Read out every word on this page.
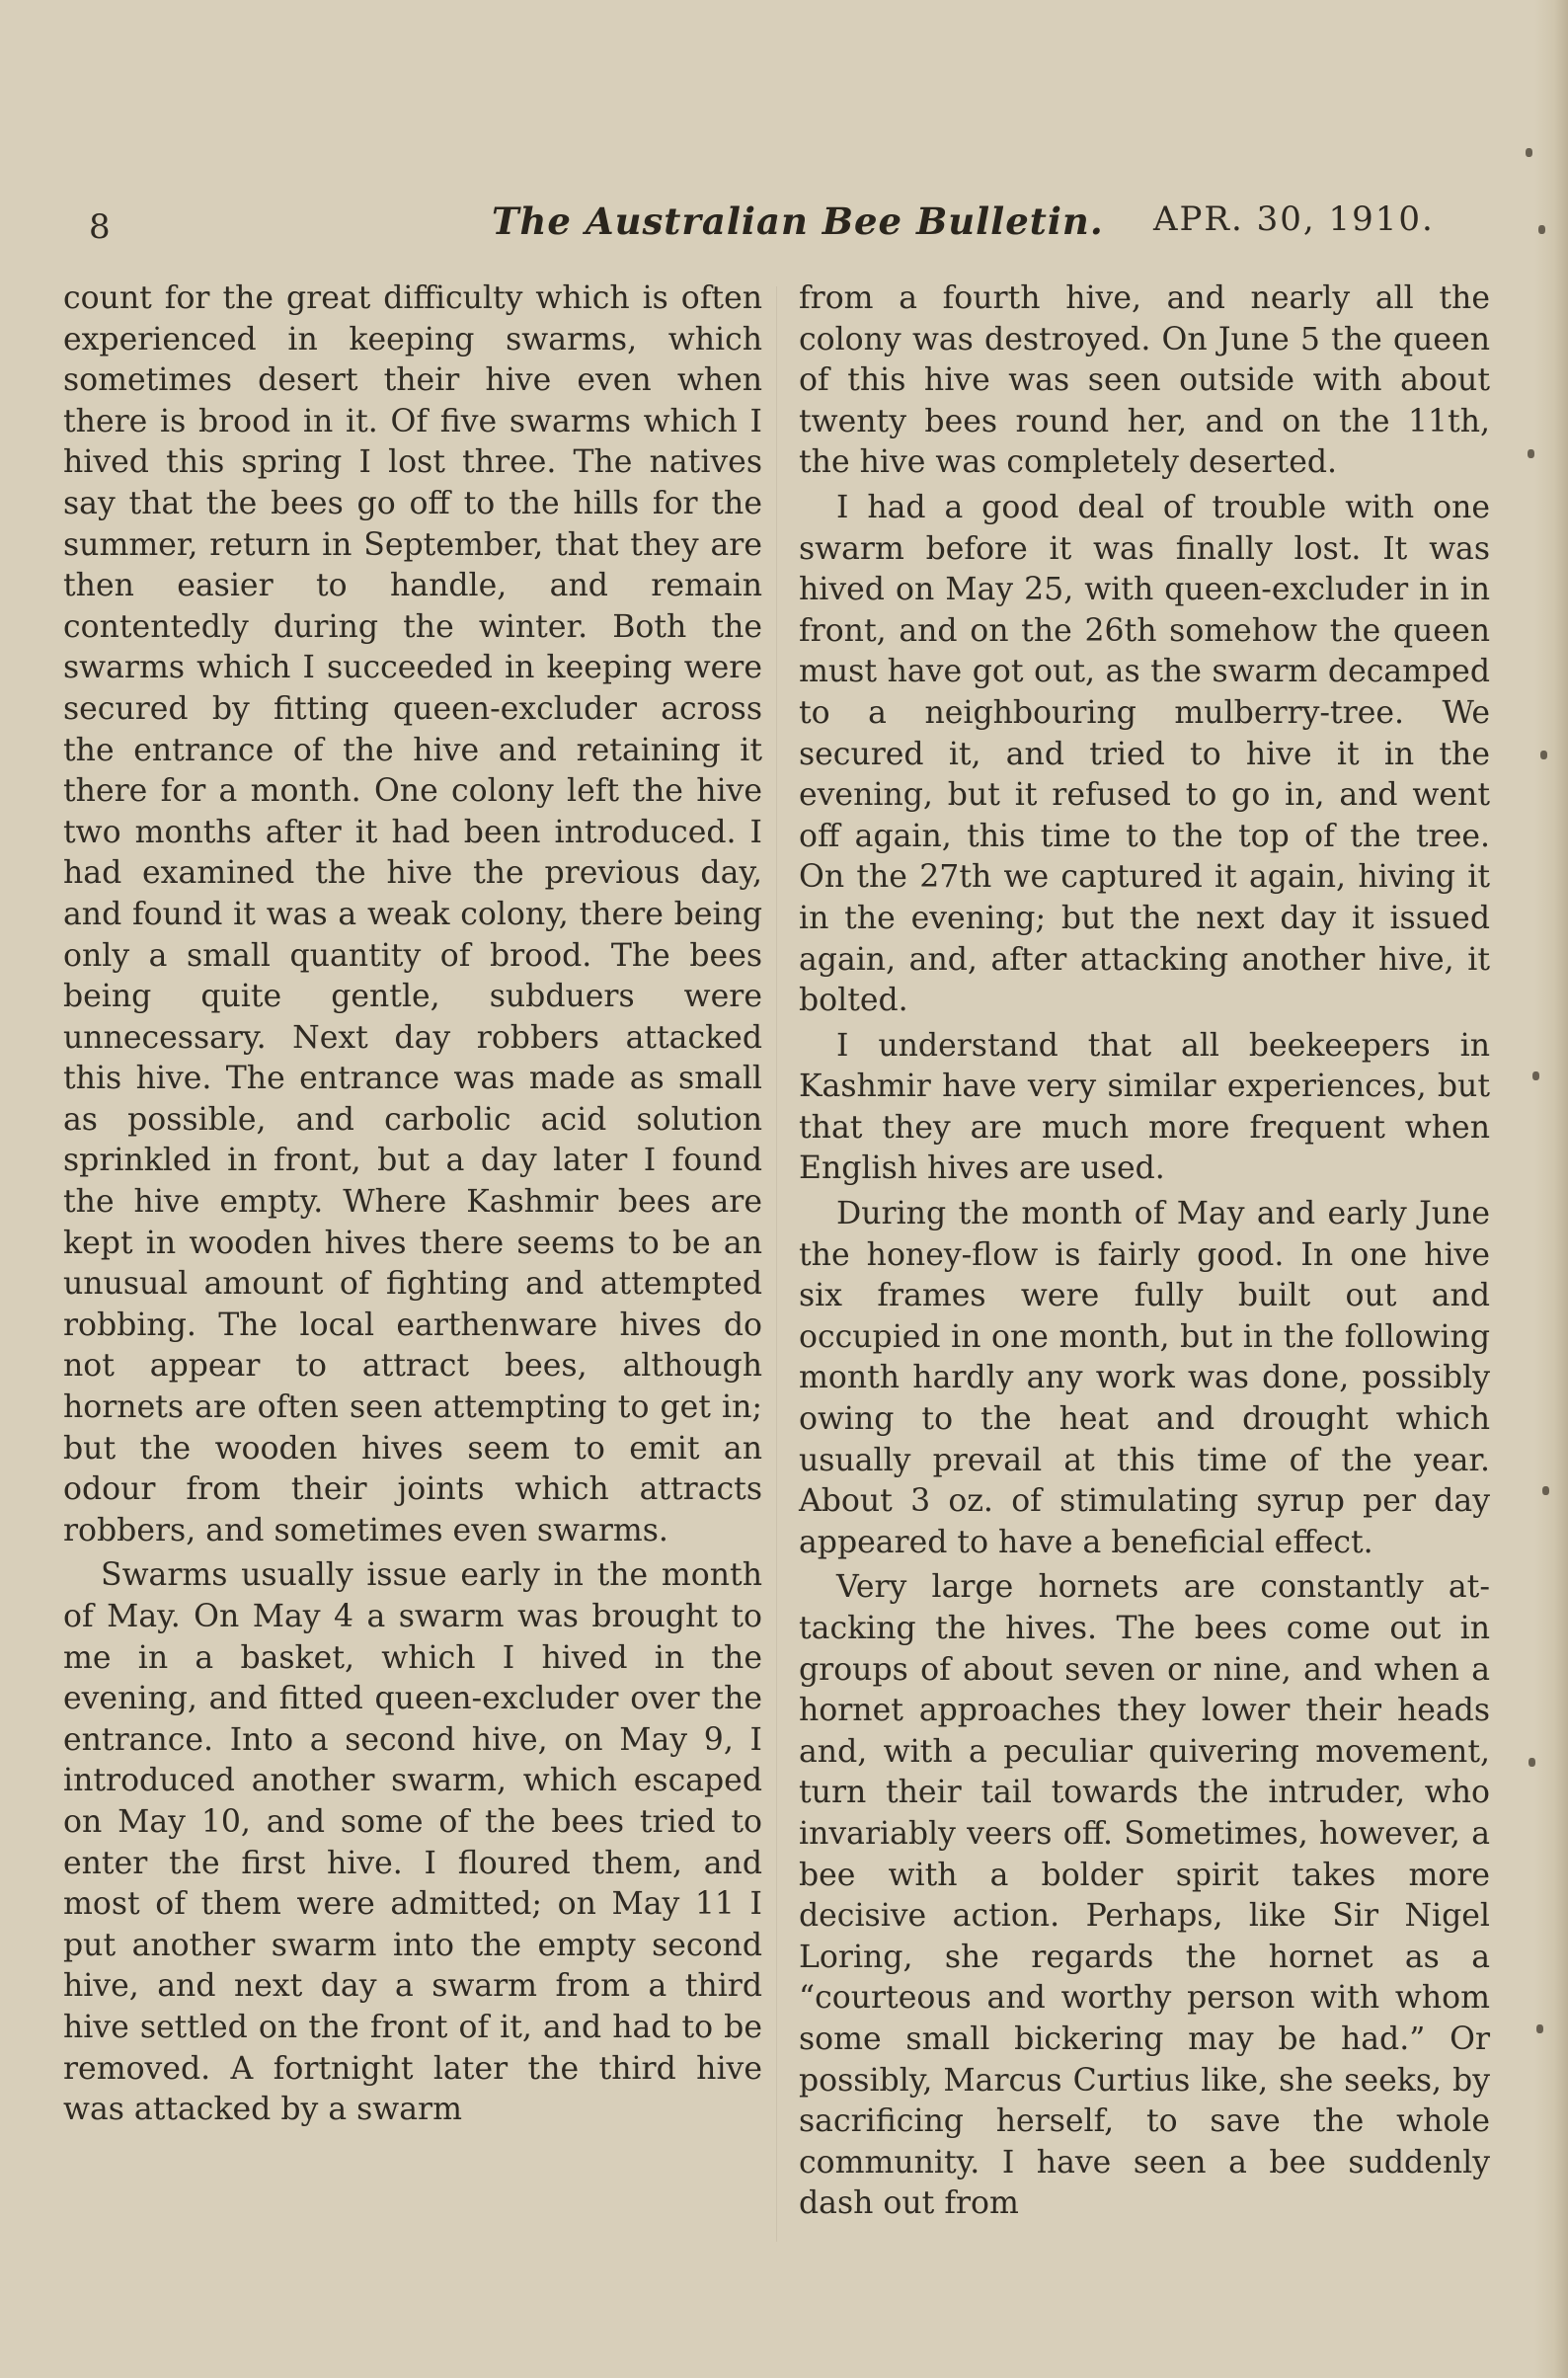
8	The Australian Bee Bulletin. APR. 30, 1910.

count for the great difficulty which is often experienced in keeping swarms, which sometimes desert their hive even when there is brood in it. Of five swarms which I hived this spring I lost three. The natives say that the bees go off to the hills for the summer, return in September, that they are then easier to handle, and remain contentedly during the winter. Both the swarms which I succeeded in keeping were secured by fitting queen-excluder across the entrance of the hive and retaining it there for a month. One colony left the hive two months after it had been introduced. I had examined the hive the previous day, and found it was a weak colony, there being only a small quantity of brood. The bees being quite gentle, subduers were unnecessary. Next day robbers attacked this hive. The entrance was made as small as possible, and carbolic acid solution sprinkled in front, but a day later I found the hive empty. Where Kashmir bees are kept in wooden hives there seems to be an unusual amount of fighting and attempted robbing. The local earthenware hives do not appear to attract bees, although hornets are often seen attempting to get in; but the wooden hives seem to emit an odour from their joints which attracts robbers, and sometimes even swarms.

Swarms usually issue early in the month of May. On May 4 a swarm was brought to me in a basket, which I hived in the evening, and fitted queen-excluder over the entrance. Into a second hive, on May 9, I introduced another swarm, which escaped on May 10, and some of the bees tried to enter the first hive. I floured them, and most of them were admitted; on May 11 I put another swarm into the empty second hive, and next day a swarm from a third hive settled on the front of it, and had to be removed. A fortnight later the third hive was attacked by a swarm

from a fourth hive, and nearly all the colony was destroyed. On June 5 the queen of this hive was seen outside with about twenty bees round her, and on the 11th, the hive was completely deserted.

I had a good deal of trouble with one swarm before it was finally lost. It was hived on May 25, with queen-excluder in in front, and on the 26th somehow the queen must have got out, as the swarm decamped to a neighbouring mulberry-tree. We secured it, and tried to hive it in the evening, but it refused to go in, and went off again, this time to the top of the tree. On the 27th we captured it again, hiving it in the evening; but the next day it issued again, and, after attacking another hive, it bolted.

I understand that all beekeepers in Kashmir have very similar experiences, but that they are much more frequent when English hives are used.

During the month of May and early June the honey-flow is fairly good. In one hive six frames were fully built out and occupied in one month, but in the following month hardly any work was done, possibly owing to the heat and drought which usually prevail at this time of the year. About 3 oz. of stimulating syrup per day appeared to have a beneficial effect.

Very large hornets are constantly attacking the hives. The bees come out in groups of about seven or nine, and when a hornet approaches they lower their heads and, with a peculiar quivering movement, turn their tail towards the intruder, who invariably veers off. Sometimes, however, a bee with a bolder spirit takes more decisive action. Perhaps, like Sir Nigel Loring, she regards the hornet as a “courteous and worthy person with whom some small bickering may be had.” Or possibly, Marcus Curtius like, she seeks, by sacrificing herself, to save the whole community. I have seen a bee suddenly dash out from
